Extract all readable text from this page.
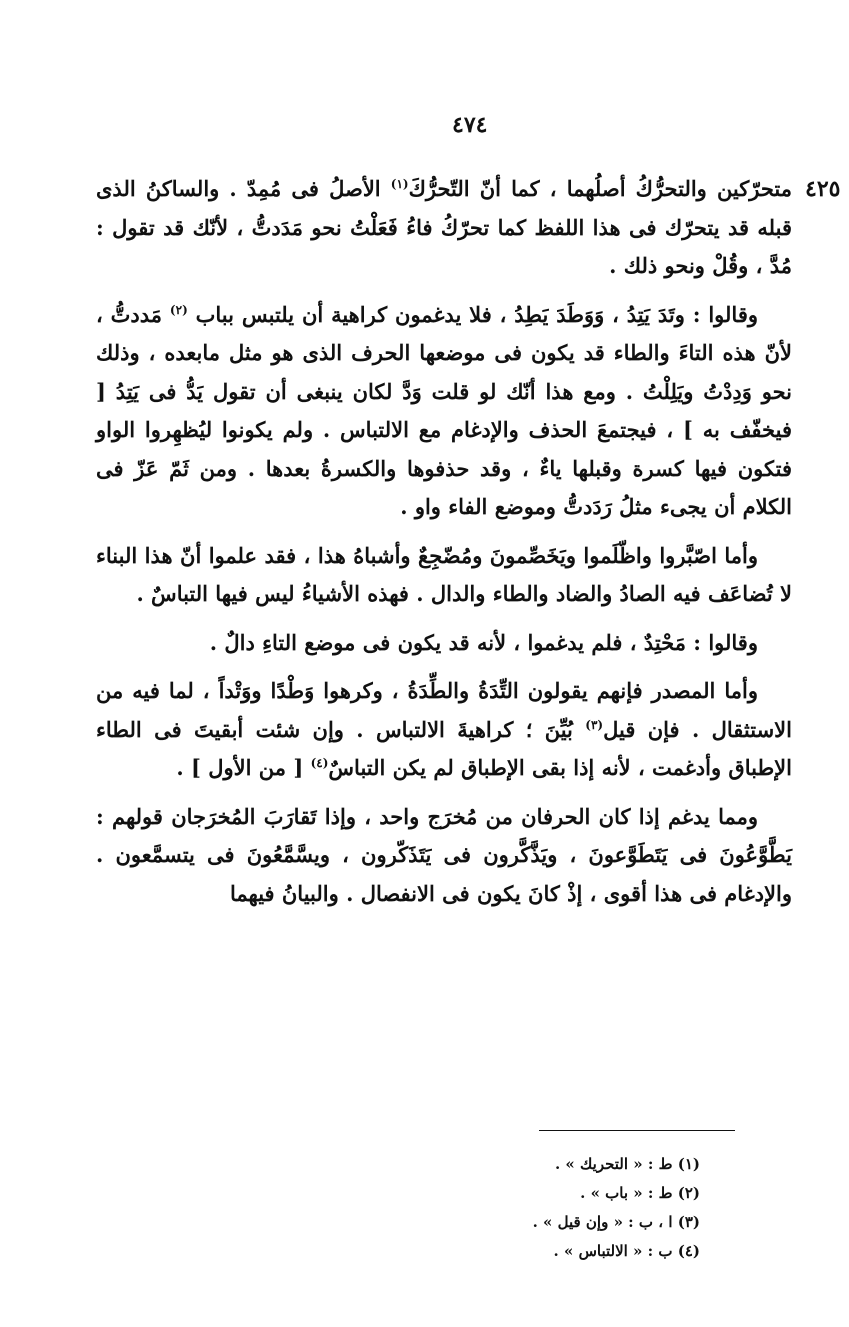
٤٧٤
٤٢٥

متحرّكين والتحرُّكُ أصلُهما ، كما أنّ التّحرُّكَ$^{(١)}$ الأصلُ فى مُمِدّ . والساكنُ الذى قبله قد يتحرّك فى هذا اللفظ كما تحرّكُ فاءُ فَعَلْتُ نحو مَدَدتُّ ، لأنّك قد تقول : مُدَّ ، وقُلْ ونحو ذلك .

وقالوا : وتَدَ يَتِدُ ، وَوَطَدَ يَطِدُ ، فلا يدغمون كراهية أن يلتبس بباب $^{(٢)}$ مَددتُّ ، لأنّ هذه التاءَ والطاء قد يكون فى موضعها الحرف الذى هو مثل مابعده ، وذلك نحو وَدِدْتُ ويَلِلْتُ . ومع هذا أنّك لو قلت وَدَّ لكان ينبغى أن تقول يَدُّ فى يَتِدُ [ فيخفّف به ] ، فيجتمعَ الحذف والإدغام مع الالتباس . ولم يكونوا ليُظهِروا الواو فتكون فيها كسرة وقبلها ياءٌ ، وقد حذفوها والكسرةُ بعدها . ومن ثَمّ عَزّ فى الكلام أن يجىء مثلُ رَدَدتُّ وموضع الفاء واو .

وأما اصّبَّروا واظّلَموا ويَخَصِّمونَ ومُضّجِعٌ وأشباهُ هذا ، فقد علموا أنّ هذا البناء لا تُضاعَف فيه الصادُ والضاد والطاء والدال . فهذه الأشياءُ ليس فيها التباسٌ .

وقالوا : مَحْتِدٌ ، فلم يدغموا ، لأنه قد يكون فى موضع التاءِ دالٌ .

وأما المصدر فإنهم يقولون التِّدَةُ والطِّدَةُ ، وكرهوا وَطْدًا ووَتْداً ، لما فيه من الاستثقال . فإن قيل$^{(٣)}$ بُيِّنَ ؛ كراهيةَ الالتباس . وإن شئت أبقيتَ فى الطاء الإطباق وأدغمت ، لأنه إذا بقى الإطباق لم يكن التباسٌ$^{(٤)}$ [ من الأول ] .

ومما يدغم إذا كان الحرفان من مُخرَج واحد ، وإذا تَقارَبَ المُخرَجان قولهم : يَطَّوَّعُونَ فى يَتَطَوَّعونَ ، ويَذَّكَّرون فى يَتَذَكّرون ، ويسَّمَّعُونَ فى يتسمَّعون . والإدغام فى هذا أقوى ، إذْ كانَ يكون فى الانفصال . والبيانُ فيهما

(١) ط : « التحريك » .
(٢) ط : « باب » .
(٣) ا ، ب : « وإن قيل » .
(٤) ب : « الالتباس » .
